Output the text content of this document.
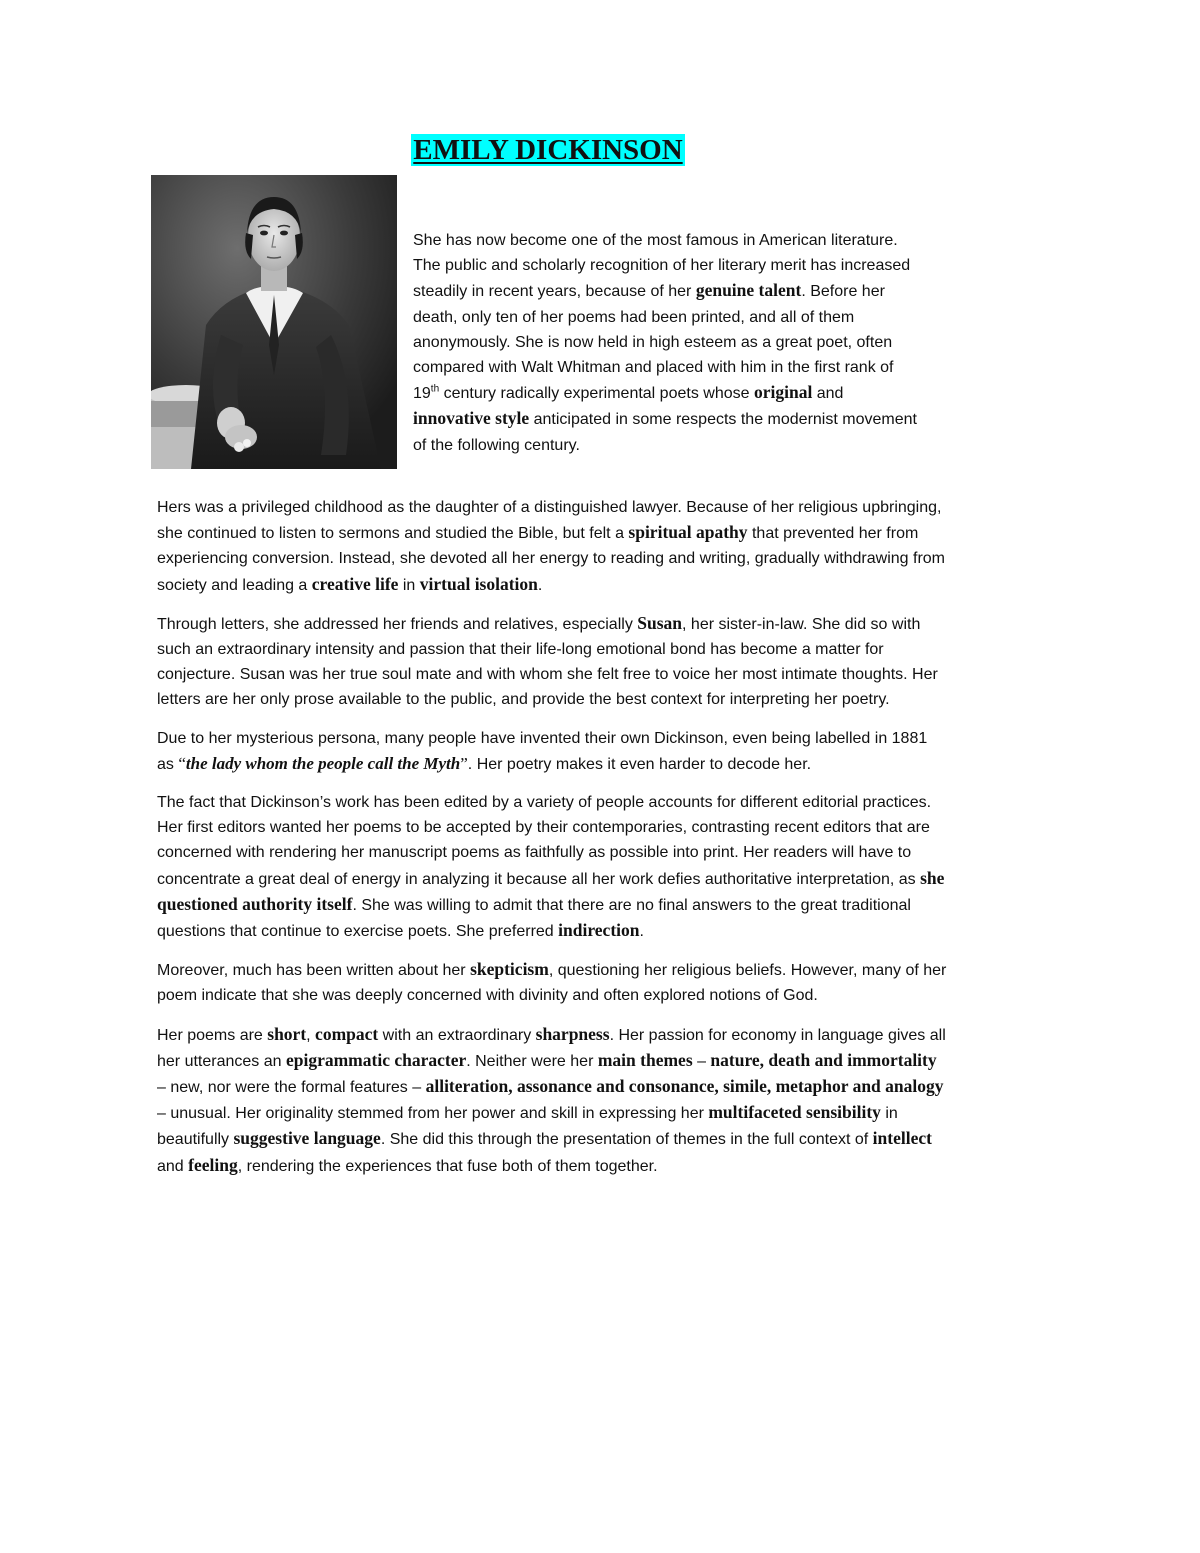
EMILY DICKINSON

She has now become one of the most famous in American literature. The public and scholarly recognition of her literary merit has increased steadily in recent years, because of her genuine talent. Before her death, only ten of her poems had been printed, and all of them anonymously. She is now held in high esteem as a great poet, often compared with Walt Whitman and placed with him in the first rank of 19th century radically experimental poets whose original and innovative style anticipated in some respects the modernist movement of the following century.

Hers was a privileged childhood as the daughter of a distinguished lawyer. Because of her religious upbringing, she continued to listen to sermons and studied the Bible, but felt a spiritual apathy that prevented her from experiencing conversion. Instead, she devoted all her energy to reading and writing, gradually withdrawing from society and leading a creative life in virtual isolation.

Through letters, she addressed her friends and relatives, especially Susan, her sister-in-law. She did so with such an extraordinary intensity and passion that their life-long emotional bond has become a matter for conjecture. Susan was her true soul mate and with whom she felt free to voice her most intimate thoughts. Her letters are her only prose available to the public, and provide the best context for interpreting her poetry.

Due to her mysterious persona, many people have invented their own Dickinson, even being labelled in 1881 as “the lady whom the people call the Myth”. Her poetry makes it even harder to decode her.

The fact that Dickinson’s work has been edited by a variety of people accounts for different editorial practices. Her first editors wanted her poems to be accepted by their contemporaries, contrasting recent editors that are concerned with rendering her manuscript poems as faithfully as possible into print. Her readers will have to concentrate a great deal of energy in analyzing it because all her work defies authoritative interpretation, as she questioned authority itself. She was willing to admit that there are no final answers to the great traditional questions that continue to exercise poets. She preferred indirection.

Moreover, much has been written about her skepticism, questioning her religious beliefs. However, many of her poem indicate that she was deeply concerned with divinity and often explored notions of God.

Her poems are short, compact with an extraordinary sharpness. Her passion for economy in language gives all her utterances an epigrammatic character. Neither were her main themes – nature, death and immortality – new, nor were the formal features – alliteration, assonance and consonance, simile, metaphor and analogy – unusual. Her originality stemmed from her power and skill in expressing her multifaceted sensibility in beautifully suggestive language. She did this through the presentation of themes in the full context of intellect and feeling, rendering the experiences that fuse both of them together.
